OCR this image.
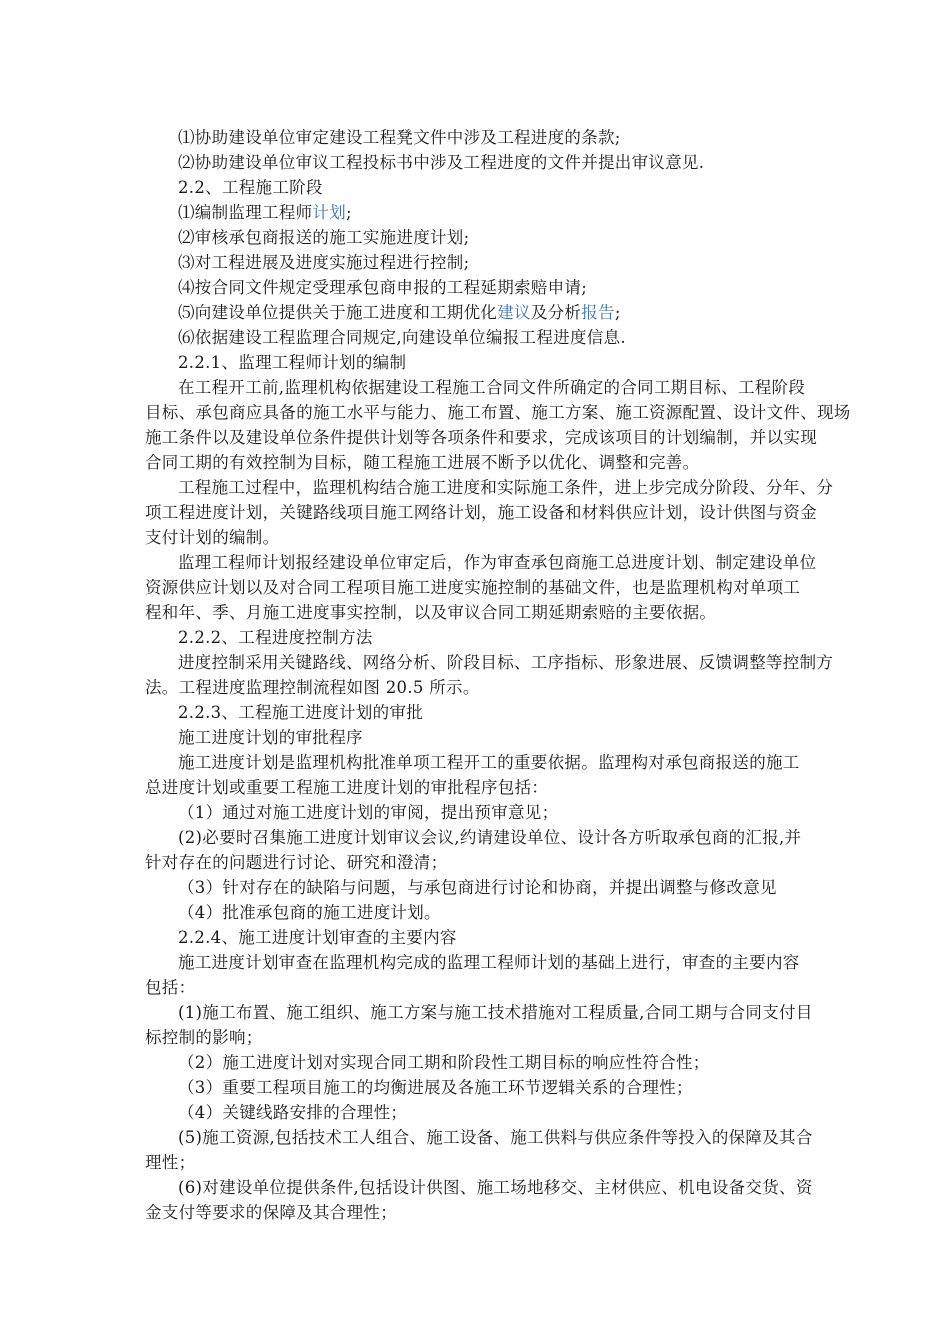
⑴协助建设单位审定建设工程凳文件中涉及工程进度的条款;
⑵协助建设单位审议工程投标书中涉及工程进度的文件并提出审议意见.
2.2、工程施工阶段
⑴编制监理工程师计划;
⑵审核承包商报送的施工实施进度计划;
⑶对工程进展及进度实施过程进行控制;
⑷按合同文件规定受理承包商申报的工程延期索赔申请;
⑸向建设单位提供关于施工进度和工期优化建议及分析报告;
⑹依据建设工程监理合同规定,向建设单位编报工程进度信息.
2.2.1、监理工程师计划的编制
在工程开工前,监理机构依据建设工程施工合同文件所确定的合同工期目标、工程阶段
目标、承包商应具备的施工水平与能力、施工布置、施工方案、施工资源配置、设计文件、现场
施工条件以及建设单位条件提供计划等各项条件和要求，完成该项目的计划编制，并以实现
合同工期的有效控制为目标，随工程施工进展不断予以优化、调整和完善。
工程施工过程中，监理机构结合施工进度和实际施工条件，进上步完成分阶段、分年、分
项工程进度计划，关键路线项目施工网络计划，施工设备和材料供应计划，设计供图与资金
支付计划的编制。
监理工程师计划报经建设单位审定后，作为审查承包商施工总进度计划、制定建设单位
资源供应计划以及对合同工程项目施工进度实施控制的基础文件，也是监理机构对单项工
程和年、季、月施工进度事实控制，以及审议合同工期延期索赔的主要依据。
2.2.2、工程进度控制方法
进度控制采用关键路线、网络分析、阶段目标、工序指标、形象进展、反馈调整等控制方
法。工程进度监理控制流程如图 20.5 所示。
2.2.3、工程施工进度计划的审批
施工进度计划的审批程序
施工进度计划是监理机构批准单项工程开工的重要依据。监理构对承包商报送的施工
总进度计划或重要工程施工进度计划的审批程序包括：
（1）通过对施工进度计划的审阅，提出预审意见；
(2)必要时召集施工进度计划审议会议,约请建设单位、设计各方听取承包商的汇报,并
针对存在的问题进行讨论、研究和澄清；
（3）针对存在的缺陷与问题，与承包商进行讨论和协商，并提出调整与修改意见
（4）批准承包商的施工进度计划。
2.2.4、施工进度计划审查的主要内容
施工进度计划审查在监理机构完成的监理工程师计划的基础上进行，审查的主要内容
包括：
(1)施工布置、施工组织、施工方案与施工技术措施对工程质量,合同工期与合同支付目
标控制的影响；
（2）施工进度计划对实现合同工期和阶段性工期目标的响应性符合性；
（3）重要工程项目施工的均衡进展及各施工环节逻辑关系的合理性；
（4）关键线路安排的合理性；
(5)施工资源,包括技术工人组合、施工设备、施工供料与供应条件等投入的保障及其合
理性；
(6)对建设单位提供条件,包括设计供图、施工场地移交、主材供应、机电设备交货、资
金支付等要求的保障及其合理性；
